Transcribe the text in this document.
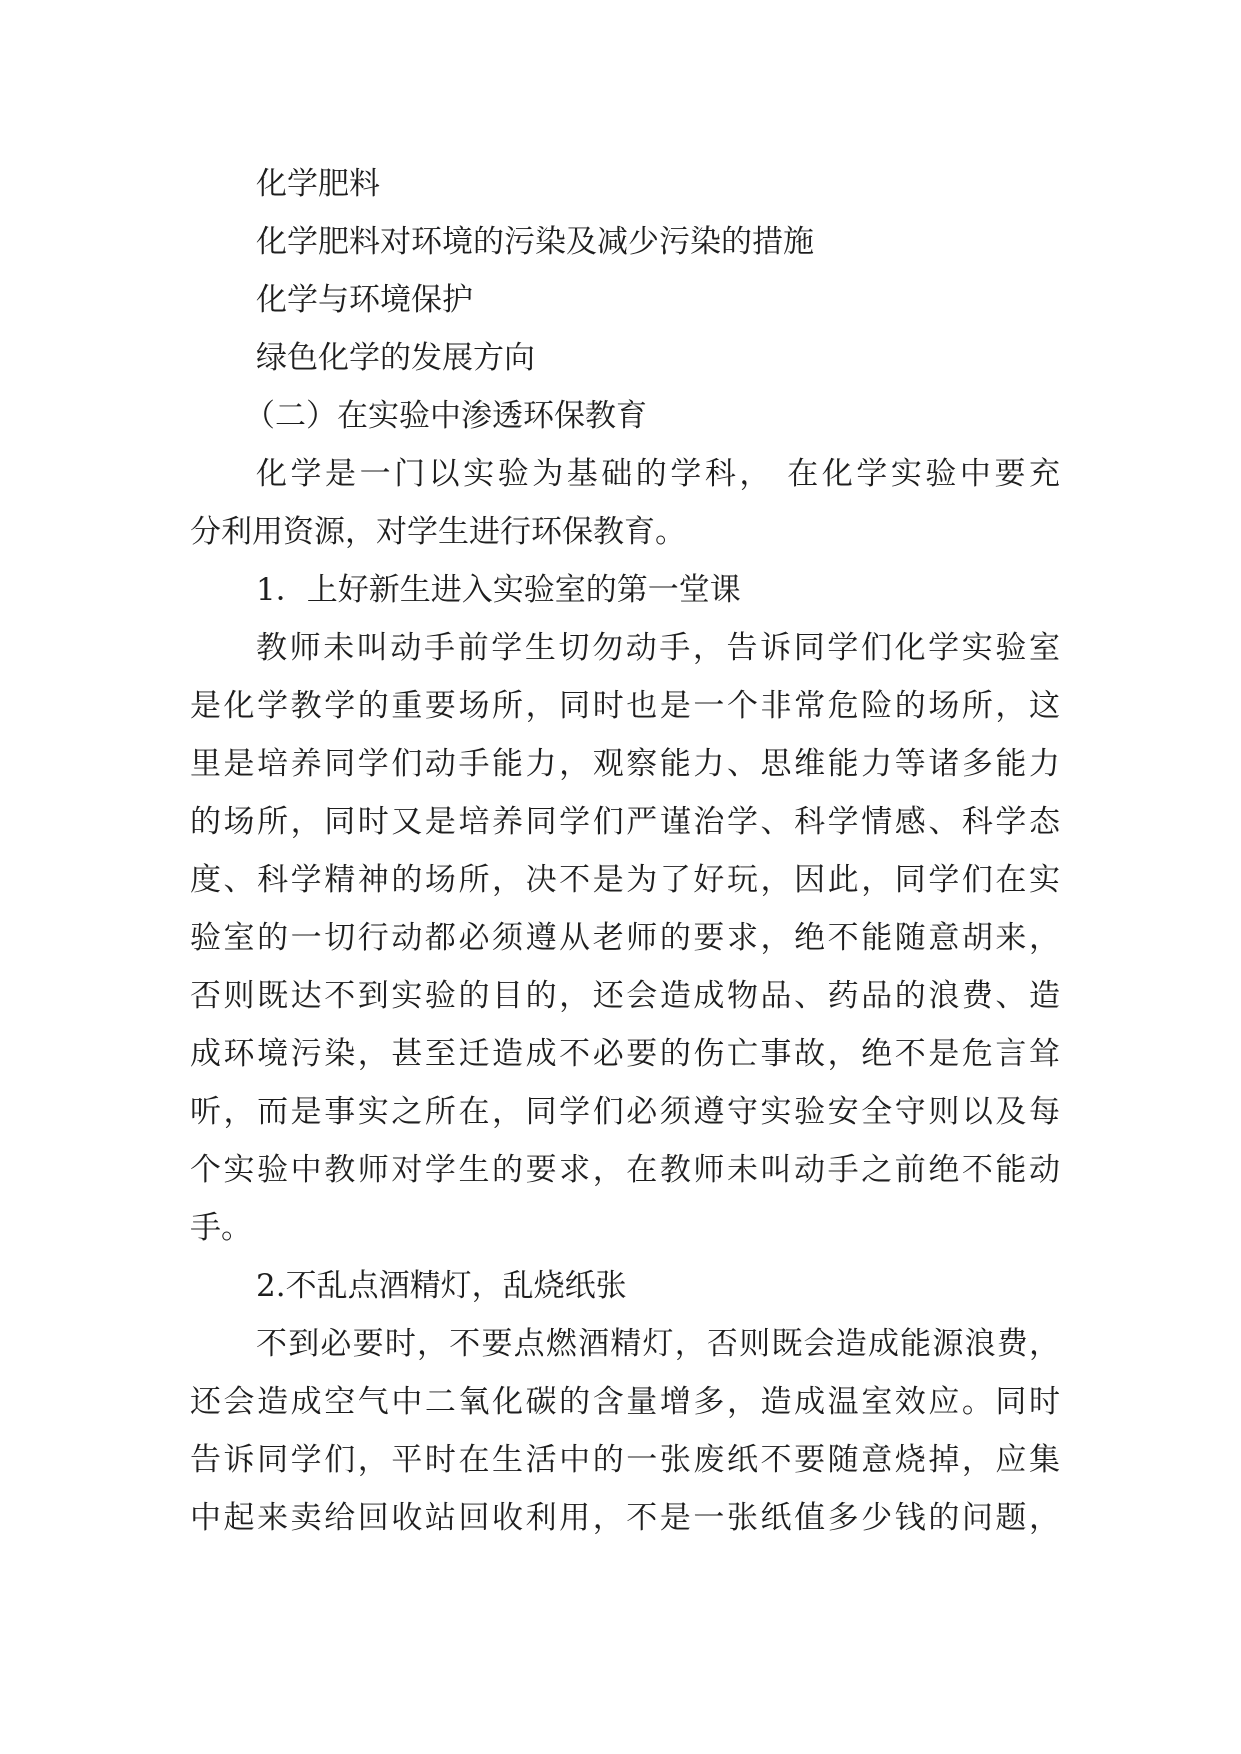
化学肥料
化学肥料对环境的污染及减少污染的措施
化学与环境保护
绿色化学的发展方向
（二）在实验中渗透环保教育
化学是一门以实验为基础的学科， 在化学实验中要充
分利用资源，对学生进行环保教育。
1．上好新生进入实验室的第一堂课
教师未叫动手前学生切勿动手，告诉同学们化学实验室
是化学教学的重要场所，同时也是一个非常危险的场所，这
里是培养同学们动手能力，观察能力、思维能力等诸多能力
的场所，同时又是培养同学们严谨治学、科学情感、科学态
度、科学精神的场所，决不是为了好玩，因此，同学们在实
验室的一切行动都必须遵从老师的要求，绝不能随意胡来，
否则既达不到实验的目的，还会造成物品、药品的浪费、造
成环境污染，甚至迁造成不必要的伤亡事故，绝不是危言耸
听，而是事实之所在，同学们必须遵守实验安全守则以及每
个实验中教师对学生的要求，在教师未叫动手之前绝不能动
手。
2.不乱点酒精灯，乱烧纸张
不到必要时，不要点燃酒精灯，否则既会造成能源浪费，
还会造成空气中二氧化碳的含量增多，造成温室效应。同时
告诉同学们，平时在生活中的一张废纸不要随意烧掉，应集
中起来卖给回收站回收利用，不是一张纸值多少钱的问题，
